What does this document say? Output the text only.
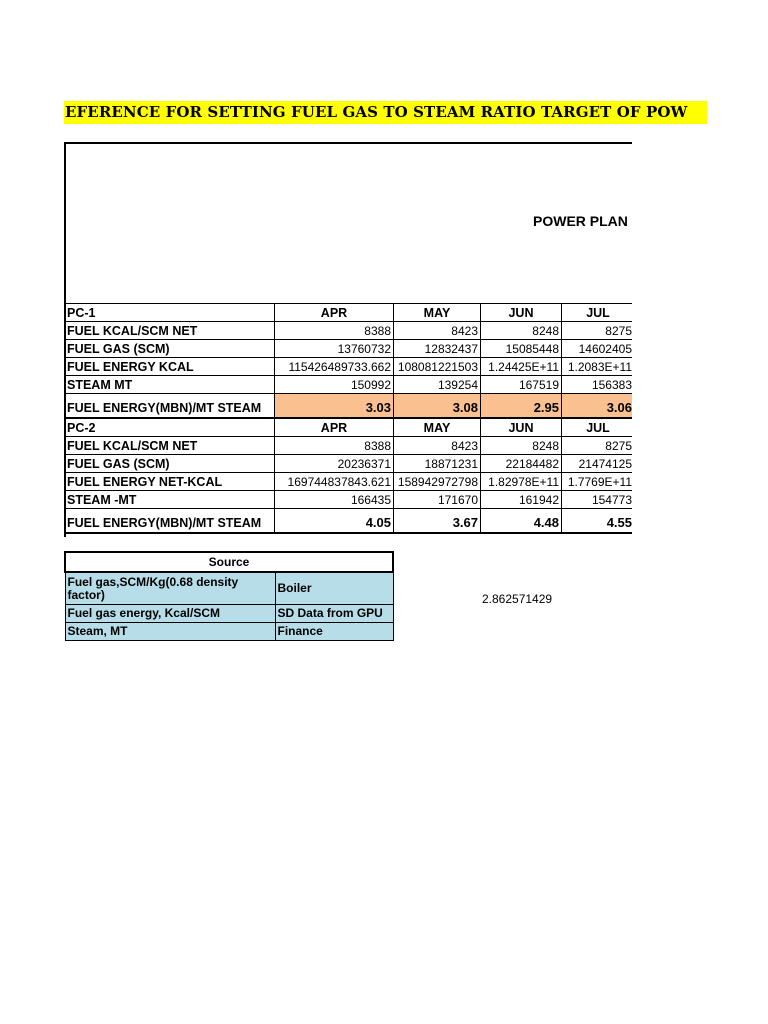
EFERENCE FOR SETTING FUEL GAS TO STEAM RATIO TARGET OF POW
POWER PLAN
PC-1	APR	MAY	JUN	JUL
FUEL KCAL/SCM NET	8388	8423	8248	8275
FUEL GAS (SCM)	13760732	12832437	15085448	14602405
FUEL ENERGY KCAL	115426489733.662	108081221503	1.24425E+11	1.2083E+11
STEAM MT	150992	139254	167519	156383
FUEL ENERGY(MBN)/MT STEAM	3.03	3.08	2.95	3.06
PC-2	APR	MAY	JUN	JUL
FUEL KCAL/SCM NET	8388	8423	8248	8275
FUEL GAS (SCM)	20236371	18871231	22184482	21474125
FUEL ENERGY NET-KCAL	169744837843.621	158942972798	1.82978E+11	1.7769E+11
STEAM -MT	166435	171670	161942	154773
FUEL ENERGY(MBN)/MT STEAM	4.05	3.67	4.48	4.55
Source	
Fuel gas,SCM/Kg(0.68 density factor)	Boiler
Fuel gas energy, Kcal/SCM	SD Data from GPU
Steam, MT	Finance
2.862571429
